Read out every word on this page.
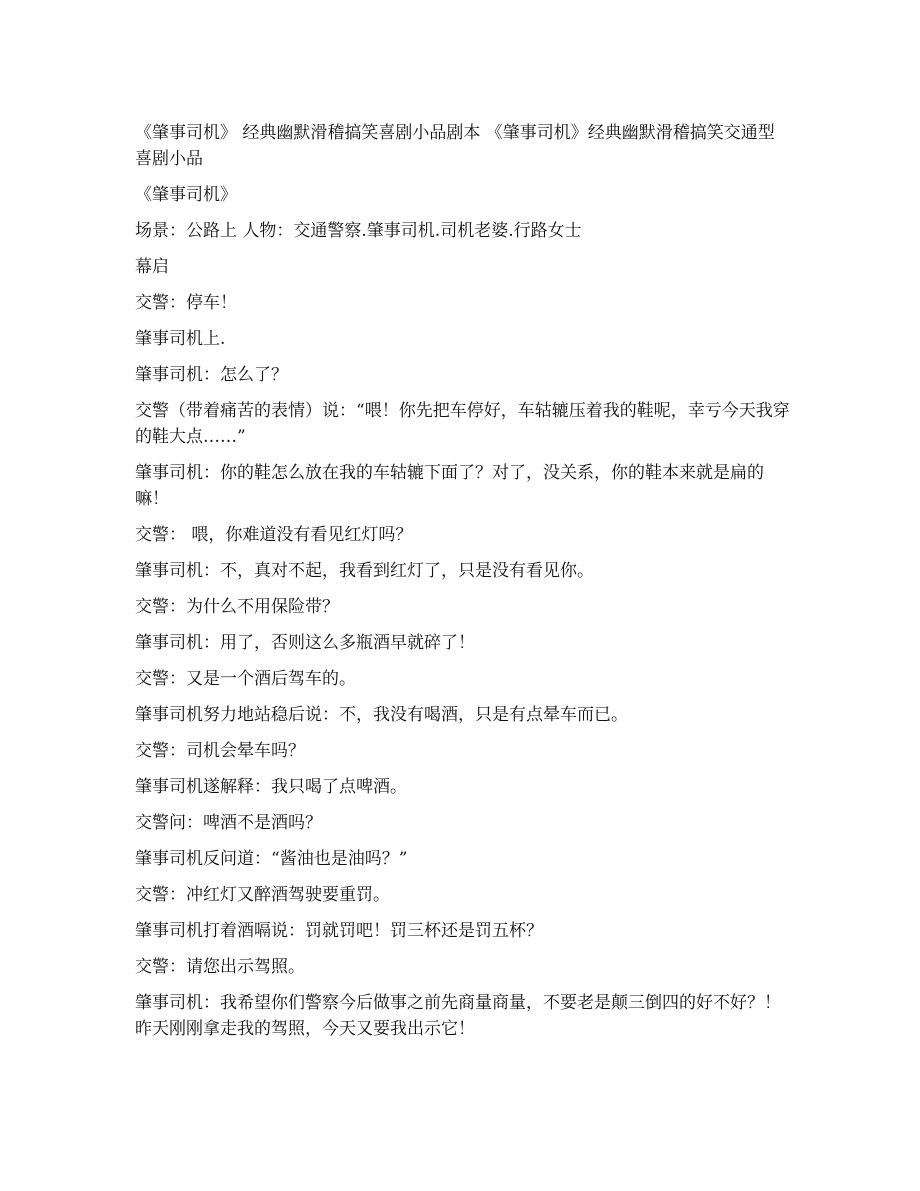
《肇事司机》 经典幽默滑稽搞笑喜剧小品剧本 《肇事司机》经典幽默滑稽搞笑交通型喜剧小品
《肇事司机》
场景：公路上 人物：交通警察.肇事司机.司机老婆.行路女士
幕启
交警：停车！
肇事司机上.
肇事司机：怎么了？
交警（带着痛苦的表情）说：“喂！你先把车停好，车轱辘压着我的鞋呢，幸亏今天我穿的鞋大点……”
肇事司机：你的鞋怎么放在我的车轱辘下面了？对了，没关系，你的鞋本来就是扁的嘛！
交警： 喂，你难道没有看见红灯吗？
肇事司机：不，真对不起，我看到红灯了，只是没有看见你。
交警：为什么不用保险带？
肇事司机：用了，否则这么多瓶酒早就碎了！
交警：又是一个酒后驾车的。
肇事司机努力地站稳后说：不，我没有喝酒，只是有点晕车而已。
交警：司机会晕车吗？
肇事司机遂解释：我只喝了点啤酒。
交警问：啤酒不是酒吗？
肇事司机反问道：“酱油也是油吗？”
交警：冲红灯又醉酒驾驶要重罚。
肇事司机打着酒嗝说：罚就罚吧！罚三杯还是罚五杯？
交警：请您出示驾照。
肇事司机：我希望你们警察今后做事之前先商量商量，不要老是颠三倒四的好不好？！昨天刚刚拿走我的驾照，今天又要我出示它！
